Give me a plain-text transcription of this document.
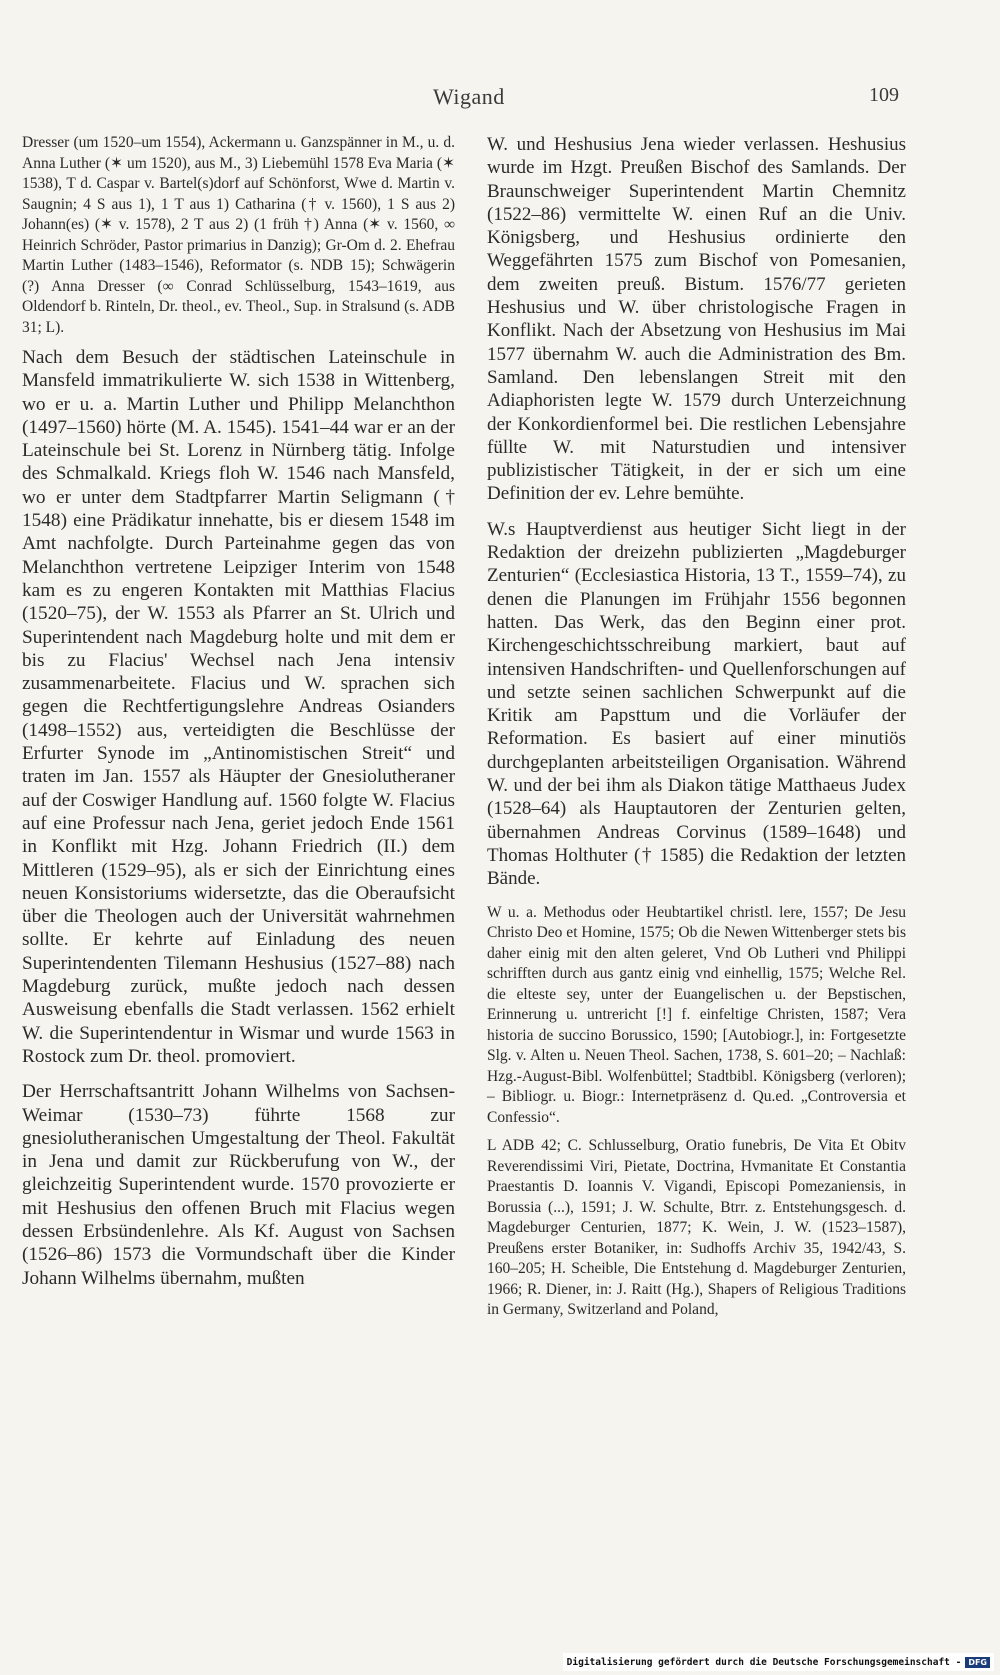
Wigand	109

Dresser (um 1520–um 1554), Ackermann u. Ganzspänner in M., u. d. Anna Luther (✶ um 1520), aus M., 3) Liebemühl 1578 Eva Maria (✶ 1538), T d. Caspar v. Bartel(s)dorf auf Schönforst, Wwe d. Martin v. Saugnin; 4 S aus 1), 1 T aus 1) Catharina († v. 1560), 1 S aus 2) Johann(es) (✶ v. 1578), 2 T aus 2) (1 früh †) Anna (✶ v. 1560, ∞ Heinrich Schröder, Pastor primarius in Danzig); Gr-Om d. 2. Ehefrau Martin Luther (1483–1546), Reformator (s. NDB 15); Schwägerin (?) Anna Dresser (∞ Conrad Schlüsselburg, 1543–1619, aus Oldendorf b. Rinteln, Dr. theol., ev. Theol., Sup. in Stralsund (s. ADB 31; L).

Nach dem Besuch der städtischen Lateinschule in Mansfeld immatrikulierte W. sich 1538 in Wittenberg, wo er u. a. Martin Luther und Philipp Melanchthon (1497–1560) hörte (M. A. 1545). 1541–44 war er an der Lateinschule bei St. Lorenz in Nürnberg tätig. Infolge des Schmalkald. Kriegs floh W. 1546 nach Mansfeld, wo er unter dem Stadtpfarrer Martin Seligmann († 1548) eine Prädikatur innehatte, bis er diesem 1548 im Amt nachfolgte. Durch Parteinahme gegen das von Melanchthon vertretene Leipziger Interim von 1548 kam es zu engeren Kontakten mit Matthias Flacius (1520–75), der W. 1553 als Pfarrer an St. Ulrich und Superintendent nach Magdeburg holte und mit dem er bis zu Flacius' Wechsel nach Jena intensiv zusammenarbeitete. Flacius und W. sprachen sich gegen die Rechtfertigungslehre Andreas Osianders (1498–1552) aus, verteidigten die Beschlüsse der Erfurter Synode im „Antinomistischen Streit“ und traten im Jan. 1557 als Häupter der Gnesiolutheraner auf der Coswiger Handlung auf. 1560 folgte W. Flacius auf eine Professur nach Jena, geriet jedoch Ende 1561 in Konflikt mit Hzg. Johann Friedrich (II.) dem Mittleren (1529–95), als er sich der Einrichtung eines neuen Konsistoriums widersetzte, das die Oberaufsicht über die Theologen auch der Universität wahrnehmen sollte. Er kehrte auf Einladung des neuen Superintendenten Tilemann Heshusius (1527–88) nach Magdeburg zurück, mußte jedoch nach dessen Ausweisung ebenfalls die Stadt verlassen. 1562 erhielt W. die Superintendentur in Wismar und wurde 1563 in Rostock zum Dr. theol. promoviert.

Der Herrschaftsantritt Johann Wilhelms von Sachsen-Weimar (1530–73) führte 1568 zur gnesiolutheranischen Umgestaltung der Theol. Fakultät in Jena und damit zur Rückberufung von W., der gleichzeitig Superintendent wurde. 1570 provozierte er mit Heshusius den offenen Bruch mit Flacius wegen dessen Erbsündenlehre. Als Kf. August von Sachsen (1526–86) 1573 die Vormundschaft über die Kinder Johann Wilhelms übernahm, mußten

W. und Heshusius Jena wieder verlassen. Heshusius wurde im Hzgt. Preußen Bischof des Samlands. Der Braunschweiger Superintendent Martin Chemnitz (1522–86) vermittelte W. einen Ruf an die Univ. Königsberg, und Heshusius ordinierte den Weggefährten 1575 zum Bischof von Pomesanien, dem zweiten preuß. Bistum. 1576/77 gerieten Heshusius und W. über christologische Fragen in Konflikt. Nach der Absetzung von Heshusius im Mai 1577 übernahm W. auch die Administration des Bm. Samland. Den lebenslangen Streit mit den Adiaphoristen legte W. 1579 durch Unterzeichnung der Konkordienformel bei. Die restlichen Lebensjahre füllte W. mit Naturstudien und intensiver publizistischer Tätigkeit, in der er sich um eine Definition der ev. Lehre bemühte.

W.s Hauptverdienst aus heutiger Sicht liegt in der Redaktion der dreizehn publizierten „Magdeburger Zenturien“ (Ecclesiastica Historia, 13 T., 1559–74), zu denen die Planungen im Frühjahr 1556 begonnen hatten. Das Werk, das den Beginn einer prot. Kirchengeschichtsschreibung markiert, baut auf intensiven Handschriften- und Quellenforschungen auf und setzte seinen sachlichen Schwerpunkt auf die Kritik am Papsttum und die Vorläufer der Reformation. Es basiert auf einer minutiös durchgeplanten arbeitsteiligen Organisation. Während W. und der bei ihm als Diakon tätige Matthaeus Judex (1528–64) als Hauptautoren der Zenturien gelten, übernahmen Andreas Corvinus (1589–1648) und Thomas Holthuter († 1585) die Redaktion der letzten Bände.

W u. a. Methodus oder Heubtartikel christl. lere, 1557; De Jesu Christo Deo et Homine, 1575; Ob die Newen Wittenberger stets bis daher einig mit den alten geleret, Vnd Ob Lutheri vnd Philippi schrifften durch aus gantz einig vnd einhellig, 1575; Welche Rel. die elteste sey, unter der Euangelischen u. der Bepstischen, Erinnerung u. untrericht [!] f. einfeltige Christen, 1587; Vera historia de succino Borussico, 1590; [Autobiogr.], in: Fortgesetzte Slg. v. Alten u. Neuen Theol. Sachen, 1738, S. 601–20; – Nachlaß: Hzg.-August-Bibl. Wolfenbüttel; Stadtbibl. Königsberg (verloren); – Bibliogr. u. Biogr.: Internetpräsenz d. Qu.ed. „Controversia et Confessio“.

L ADB 42; C. Schlusselburg, Oratio funebris, De Vita Et Obitv Reverendissimi Viri, Pietate, Doctrina, Hvmanitate Et Constantia Praestantis D. Ioannis V. Vigandi, Episcopi Pomezaniensis, in Borussia (...), 1591; J. W. Schulte, Btrr. z. Entstehungsgesch. d. Magdeburger Centurien, 1877; K. Wein, J. W. (1523–1587), Preußens erster Botaniker, in: Sudhoffs Archiv 35, 1942/43, S. 160–205; H. Scheible, Die Entstehung d. Magdeburger Zenturien, 1966; R. Diener, in: J. Raitt (Hg.), Shapers of Religious Traditions in Germany, Switzerland and Poland,

Digitalisierung gefördert durch die Deutsche Forschungsgemeinschaft - DFG
